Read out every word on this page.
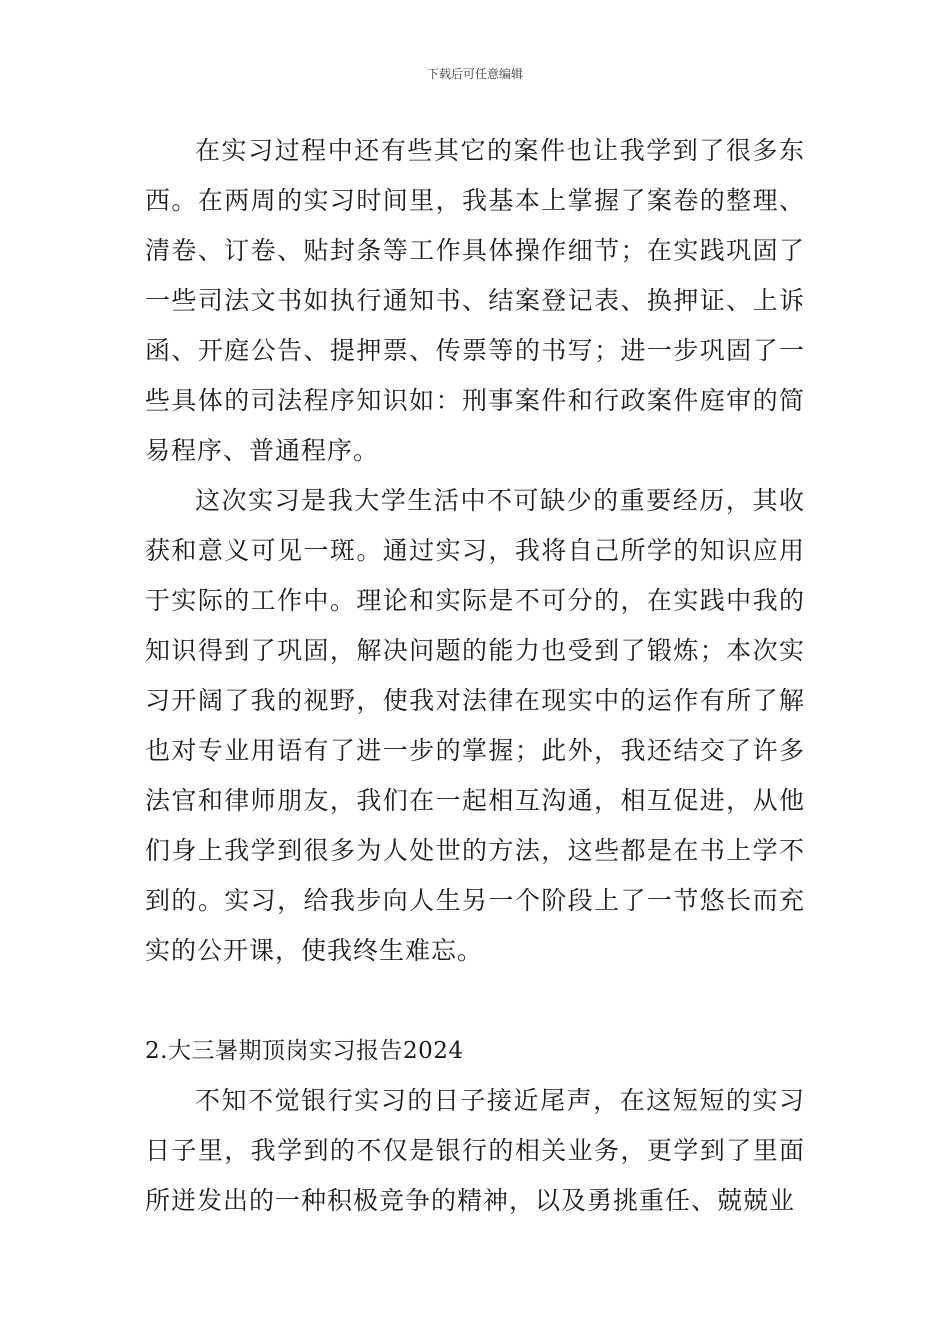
下载后可任意编辑

在实习过程中还有些其它的案件也让我学到了很多东西。在两周的实习时间里，我基本上掌握了案卷的整理、清卷、订卷、贴封条等工作具体操作细节；在实践巩固了一些司法文书如执行通知书、结案登记表、换押证、上诉函、开庭公告、提押票、传票等的书写；进一步巩固了一些具体的司法程序知识如：刑事案件和行政案件庭审的简易程序、普通程序。

这次实习是我大学生活中不可缺少的重要经历，其收获和意义可见一斑。通过实习，我将自己所学的知识应用于实际的工作中。理论和实际是不可分的，在实践中我的知识得到了巩固，解决问题的能力也受到了锻炼；本次实习开阔了我的视野，使我对法律在现实中的运作有所了解也对专业用语有了进一步的掌握；此外，我还结交了许多法官和律师朋友，我们在一起相互沟通，相互促进，从他们身上我学到很多为人处世的方法，这些都是在书上学不到的。实习，给我步向人生另一个阶段上了一节悠长而充实的公开课，使我终生难忘。

2.大三暑期顶岗实习报告2024

不知不觉银行实习的日子接近尾声，在这短短的实习日子里，我学到的不仅是银行的相关业务，更学到了里面所迸发出的一种积极竞争的精神，以及勇挑重任、兢兢业
